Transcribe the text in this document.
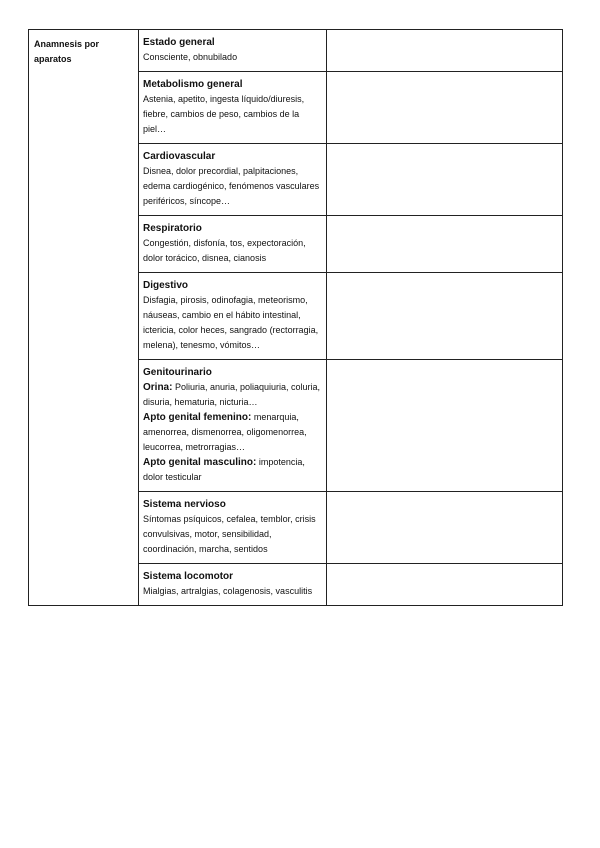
Anamnesis por aparatos	Estado general
Consciente, obnubilado	

	Metabolismo general
Astenia, apetito, ingesta líquido/diuresis, fiebre, cambios de peso, cambios de la piel…	

	Cardiovascular
Disnea, dolor precordial, palpitaciones, edema cardiogénico, fenómenos vasculares periféricos, síncope…	

	Respiratorio
Congestión, disfonía, tos, expectoración, dolor torácico, disnea, cianosis	

	Digestivo
Disfagia, pirosis, odinofagia, meteorismo, náuseas, cambio en el hábito intestinal, ictericia, color heces, sangrado (rectorragia, melena), tenesmo, vómitos…	

	Genitourinario
Orina: Poliuria, anuria, poliaquiuria, coluria, disuria, hematuria, nicturia…
Apto genital femenino: menarquia, amenorrea, dismenorrea, oligomenorrea, leucorrea, metrorragias…
Apto genital masculino: impotencia, dolor testicular	

	Sistema nervioso
Síntomas psíquicos, cefalea, temblor, crisis convulsivas, motor, sensibilidad, coordinación, marcha, sentidos	

	Sistema locomotor
Mialgias, artralgias, colagenosis, vasculitis	
